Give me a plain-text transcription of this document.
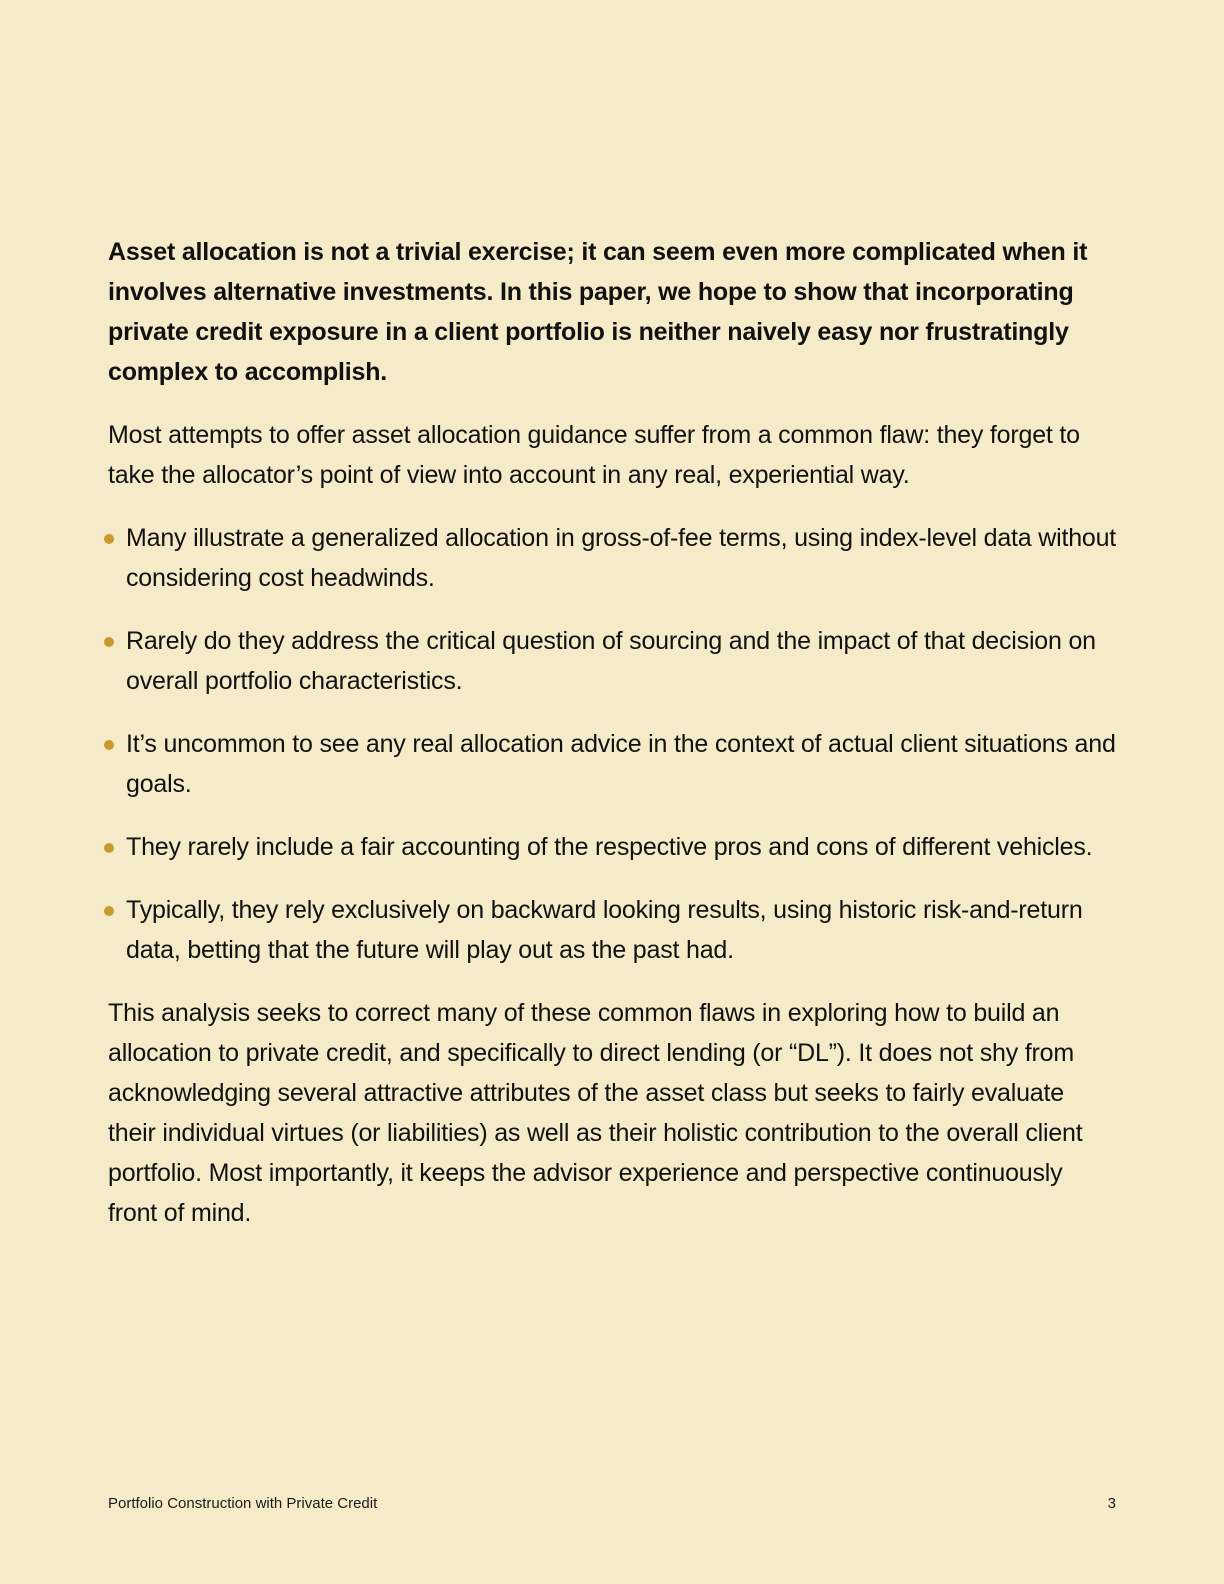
Asset allocation is not a trivial exercise; it can seem even more complicated when it involves alternative investments. In this paper, we hope to show that incorporating private credit exposure in a client portfolio is neither naively easy nor frustratingly complex to accomplish.

Most attempts to offer asset allocation guidance suffer from a common flaw: they forget to take the allocator’s point of view into account in any real, experiential way.

Many illustrate a generalized allocation in gross-of-fee terms, using index-level data without considering cost headwinds.
Rarely do they address the critical question of sourcing and the impact of that decision on overall portfolio characteristics.
It’s uncommon to see any real allocation advice in the context of actual client situations and goals.
They rarely include a fair accounting of the respective pros and cons of different vehicles.
Typically, they rely exclusively on backward looking results, using historic risk-and-return data, betting that the future will play out as the past had.

This analysis seeks to correct many of these common flaws in exploring how to build an allocation to private credit, and specifically to direct lending (or “DL”). It does not shy from acknowledging several attractive attributes of the asset class but seeks to fairly evaluate their individual virtues (or liabilities) as well as their holistic contribution to the overall client portfolio. Most importantly, it keeps the advisor experience and perspective continuously front of mind.

Portfolio Construction with Private Credit	3
